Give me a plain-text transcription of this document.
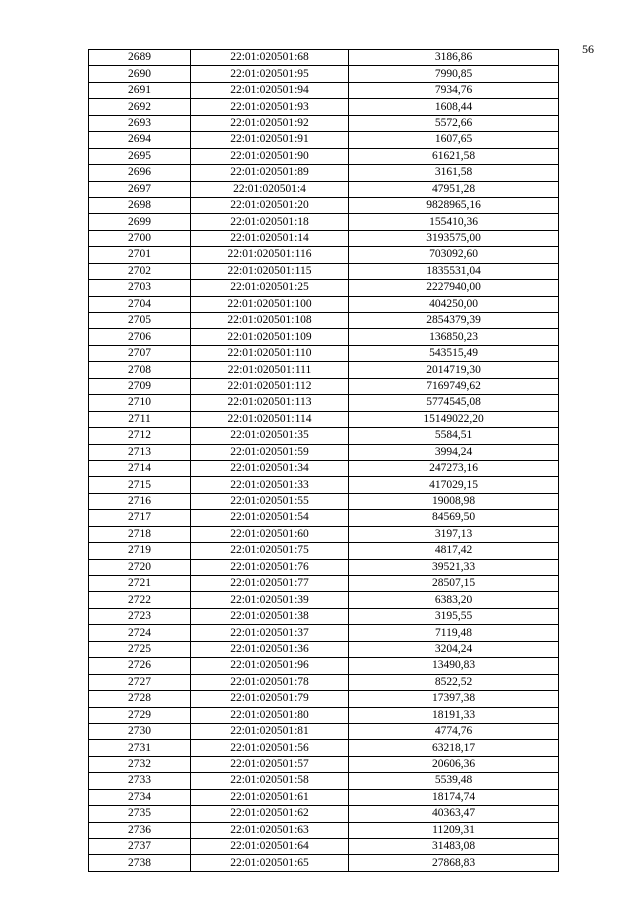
56
2689	22:01:020501:68	3186,86
2690	22:01:020501:95	7990,85
2691	22:01:020501:94	7934,76
2692	22:01:020501:93	1608,44
2693	22:01:020501:92	5572,66
2694	22:01:020501:91	1607,65
2695	22:01:020501:90	61621,58
2696	22:01:020501:89	3161,58
2697	22:01:020501:4	47951,28
2698	22:01:020501:20	9828965,16
2699	22:01:020501:18	155410,36
2700	22:01:020501:14	3193575,00
2701	22:01:020501:116	703092,60
2702	22:01:020501:115	1835531,04
2703	22:01:020501:25	2227940,00
2704	22:01:020501:100	404250,00
2705	22:01:020501:108	2854379,39
2706	22:01:020501:109	136850,23
2707	22:01:020501:110	543515,49
2708	22:01:020501:111	2014719,30
2709	22:01:020501:112	7169749,62
2710	22:01:020501:113	5774545,08
2711	22:01:020501:114	15149022,20
2712	22:01:020501:35	5584,51
2713	22:01:020501:59	3994,24
2714	22:01:020501:34	247273,16
2715	22:01:020501:33	417029,15
2716	22:01:020501:55	19008,98
2717	22:01:020501:54	84569,50
2718	22:01:020501:60	3197,13
2719	22:01:020501:75	4817,42
2720	22:01:020501:76	39521,33
2721	22:01:020501:77	28507,15
2722	22:01:020501:39	6383,20
2723	22:01:020501:38	3195,55
2724	22:01:020501:37	7119,48
2725	22:01:020501:36	3204,24
2726	22:01:020501:96	13490,83
2727	22:01:020501:78	8522,52
2728	22:01:020501:79	17397,38
2729	22:01:020501:80	18191,33
2730	22:01:020501:81	4774,76
2731	22:01:020501:56	63218,17
2732	22:01:020501:57	20606,36
2733	22:01:020501:58	5539,48
2734	22:01:020501:61	18174,74
2735	22:01:020501:62	40363,47
2736	22:01:020501:63	11209,31
2737	22:01:020501:64	31483,08
2738	22:01:020501:65	27868,83
